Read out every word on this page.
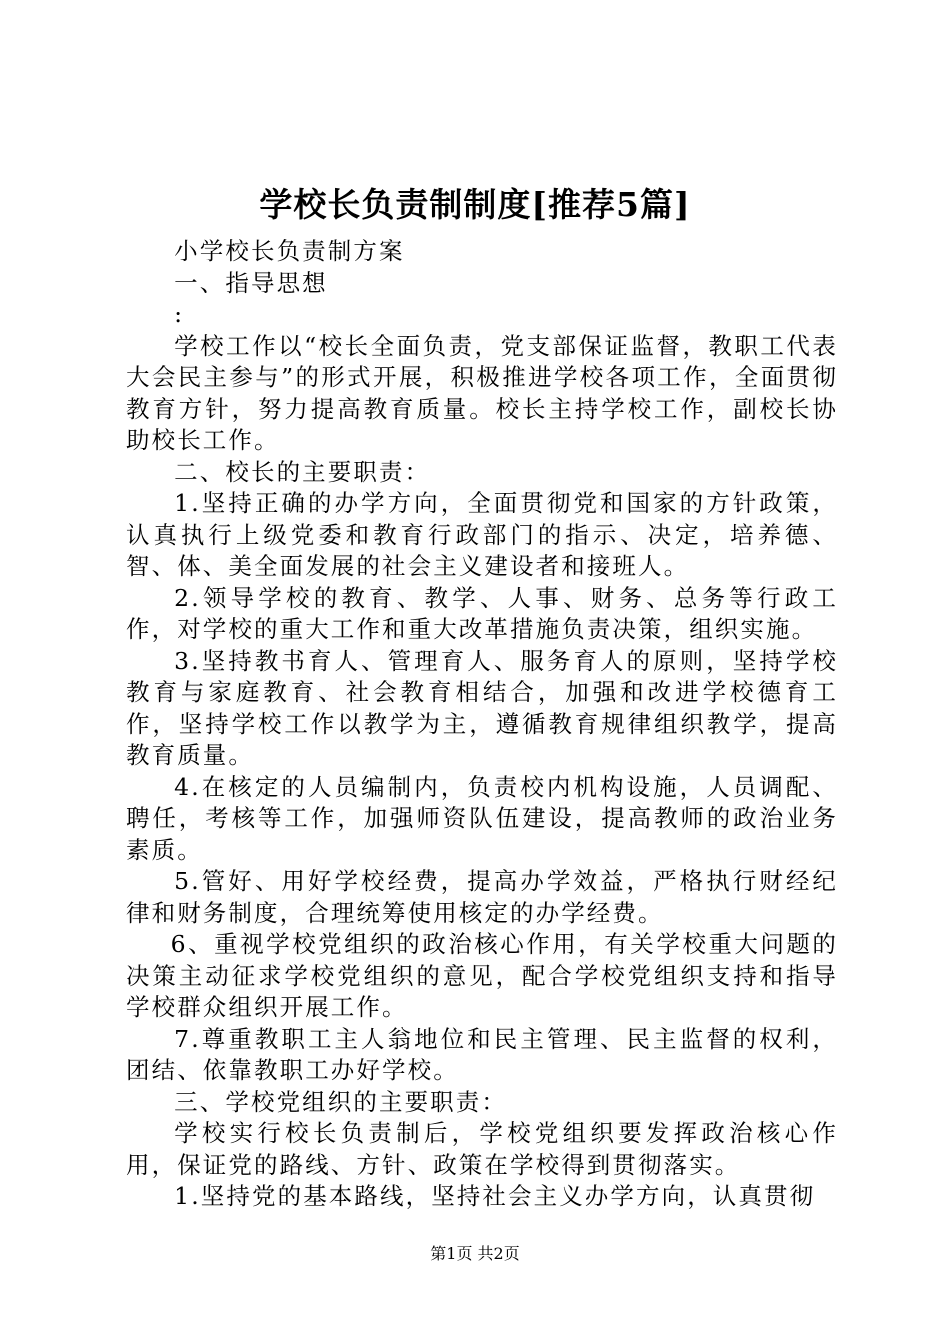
学校长负责制制度[推荐5篇]

小学校长负责制方案

一、指导思想

:

学校工作以“校长全面负责，党支部保证监督，教职工代表大会民主参与”的形式开展，积极推进学校各项工作，全面贯彻教育方针，努力提高教育质量。校长主持学校工作，副校长协助校长工作。

二、校长的主要职责：

1.坚持正确的办学方向，全面贯彻党和国家的方针政策，认真执行上级党委和教育行政部门的指示、决定，培养德、智、体、美全面发展的社会主义建设者和接班人。

2.领导学校的教育、教学、人事、财务、总务等行政工作，对学校的重大工作和重大改革措施负责决策，组织实施。

3.坚持教书育人、管理育人、服务育人的原则，坚持学校教育与家庭教育、社会教育相结合，加强和改进学校德育工作，坚持学校工作以教学为主，遵循教育规律组织教学，提高教育质量。

4.在核定的人员编制内，负责校内机构设施，人员调配、聘任，考核等工作，加强师资队伍建设，提高教师的政治业务素质。

5.管好、用好学校经费，提高办学效益，严格执行财经纪律和财务制度，合理统筹使用核定的办学经费。

6、重视学校党组织的政治核心作用，有关学校重大问题的决策主动征求学校党组织的意见，配合学校党组织支持和指导学校群众组织开展工作。

7.尊重教职工主人翁地位和民主管理、民主监督的权利，团结、依靠教职工办好学校。

三、学校党组织的主要职责：

学校实行校长负责制后，学校党组织要发挥政治核心作用，保证党的路线、方针、政策在学校得到贯彻落实。

1.坚持党的基本路线，坚持社会主义办学方向，认真贯彻

第1页 共2页
